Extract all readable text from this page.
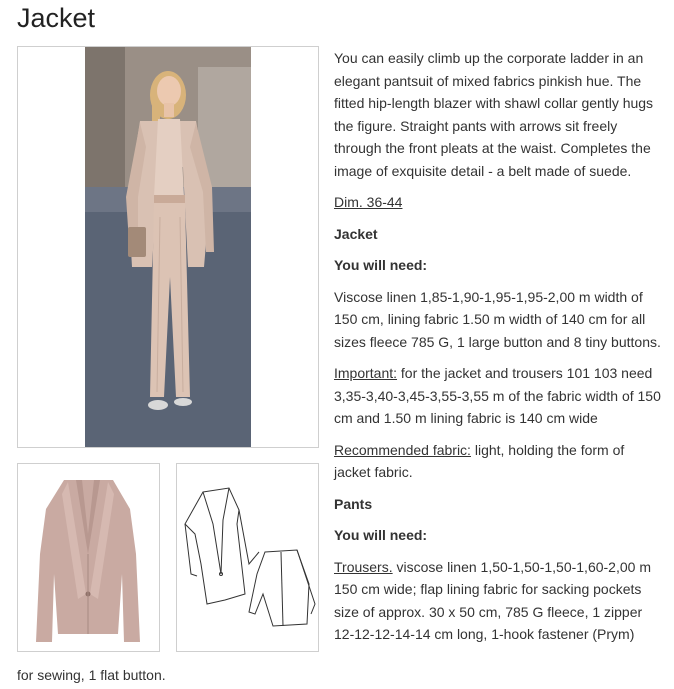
Jacket

You can easily climb up the corporate ladder in an elegant pantsuit of mixed fabrics pinkish hue. The fitted hip-length blazer with shawl collar gently hugs the figure. Straight pants with arrows sit freely through the front pleats at the waist. Completes the image of exquisite detail - a belt made of suede.

Dim. 36-44

Jacket

You will need:

Viscose linen 1,85-1,90-1,95-1,95-2,00 m width of 150 cm, lining fabric 1.50 m width of 140 cm for all sizes fleece 785 G, 1 large button and 8 tiny buttons.

Important: for the jacket and trousers 101 103 need 3,35-3,40-3,45-3,55-3,55 m of the fabric width of 150 cm and 1.50 m lining fabric is 140 cm wide

Recommended fabric: light, holding the form of jacket fabric.

Pants

You will need:

Trousers. viscose linen 1,50-1,50-1,50-1,60-2,00 m 150 cm wide; flap lining fabric for sacking pockets size of approx. 30 x 50 cm, 785 G fleece, 1 zipper 12-12-12-14-14 cm long, 1-hook fastener (Prym)

for sewing, 1 flat button.
